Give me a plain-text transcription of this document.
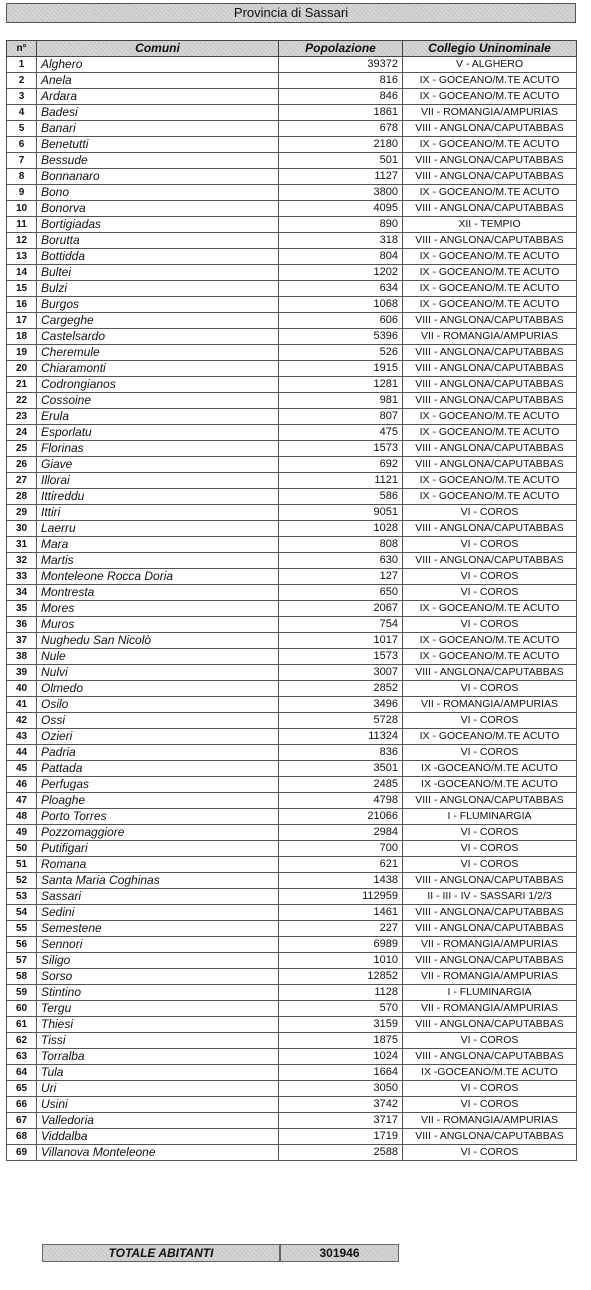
Provincia di Sassari
n°	Comuni	Popolazione	Collegio Uninominale
1	Alghero	39372	V - ALGHERO
2	Anela	816	IX - GOCEANO/M.TE ACUTO
3	Ardara	846	IX - GOCEANO/M.TE ACUTO
4	Badesi	1861	VII - ROMANGIA/AMPURIAS
5	Banari	678	VIII - ANGLONA/CAPUTABBAS
6	Benetutti	2180	IX - GOCEANO/M.TE ACUTO
7	Bessude	501	VIII - ANGLONA/CAPUTABBAS
8	Bonnanaro	1127	VIII - ANGLONA/CAPUTABBAS
9	Bono	3800	IX - GOCEANO/M.TE ACUTO
10	Bonorva	4095	VIII - ANGLONA/CAPUTABBAS
11	Bortigiadas	890	XII - TEMPIO
12	Borutta	318	VIII - ANGLONA/CAPUTABBAS
13	Bottidda	804	IX - GOCEANO/M.TE ACUTO
14	Bultei	1202	IX - GOCEANO/M.TE ACUTO
15	Bulzi	634	IX - GOCEANO/M.TE ACUTO
16	Burgos	1068	IX - GOCEANO/M.TE ACUTO
17	Cargeghe	606	VIII - ANGLONA/CAPUTABBAS
18	Castelsardo	5396	VII - ROMANGIA/AMPURIAS
19	Cheremule	526	VIII - ANGLONA/CAPUTABBAS
20	Chiaramonti	1915	VIII - ANGLONA/CAPUTABBAS
21	Codrongianos	1281	VIII - ANGLONA/CAPUTABBAS
22	Cossoine	981	VIII - ANGLONA/CAPUTABBAS
23	Erula	807	IX - GOCEANO/M.TE ACUTO
24	Esporlatu	475	IX - GOCEANO/M.TE ACUTO
25	Florinas	1573	VIII - ANGLONA/CAPUTABBAS
26	Giave	692	VIII - ANGLONA/CAPUTABBAS
27	Illorai	1121	IX - GOCEANO/M.TE ACUTO
28	Ittireddu	586	IX - GOCEANO/M.TE ACUTO
29	Ittiri	9051	VI - COROS
30	Laerru	1028	VIII - ANGLONA/CAPUTABBAS
31	Mara	808	VI - COROS
32	Martis	630	VIII - ANGLONA/CAPUTABBAS
33	Monteleone Rocca Doria	127	VI - COROS
34	Montresta	650	VI - COROS
35	Mores	2067	IX - GOCEANO/M.TE ACUTO
36	Muros	754	VI - COROS
37	Nughedu San Nicolò	1017	IX - GOCEANO/M.TE ACUTO
38	Nule	1573	IX - GOCEANO/M.TE ACUTO
39	Nulvi	3007	VIII - ANGLONA/CAPUTABBAS
40	Olmedo	2852	VI - COROS
41	Osilo	3496	VII - ROMANGIA/AMPURIAS
42	Ossi	5728	VI - COROS
43	Ozieri	11324	IX - GOCEANO/M.TE ACUTO
44	Padria	836	VI - COROS
45	Pattada	3501	IX -GOCEANO/M.TE ACUTO
46	Perfugas	2485	IX -GOCEANO/M.TE ACUTO
47	Ploaghe	4798	VIII - ANGLONA/CAPUTABBAS
48	Porto Torres	21066	I - FLUMINARGIA
49	Pozzomaggiore	2984	VI - COROS
50	Putifigari	700	VI - COROS
51	Romana	621	VI - COROS
52	Santa Maria Coghinas	1438	VIII - ANGLONA/CAPUTABBAS
53	Sassari	112959	II - III - IV - SASSARI 1/2/3
54	Sedini	1461	VIII - ANGLONA/CAPUTABBAS
55	Semestene	227	VIII - ANGLONA/CAPUTABBAS
56	Sennori	6989	VII - ROMANGIA/AMPURIAS
57	Siligo	1010	VIII - ANGLONA/CAPUTABBAS
58	Sorso	12852	VII - ROMANGIA/AMPURIAS
59	Stintino	1128	I - FLUMINARGIA
60	Tergu	570	VII - ROMANGIA/AMPURIAS
61	Thiesi	3159	VIII - ANGLONA/CAPUTABBAS
62	Tissi	1875	VI - COROS
63	Torralba	1024	VIII - ANGLONA/CAPUTABBAS
64	Tula	1664	IX -GOCEANO/M.TE ACUTO
65	Uri	3050	VI - COROS
66	Usini	3742	VI - COROS
67	Valledoria	3717	VII - ROMANGIA/AMPURIAS
68	Viddalba	1719	VIII - ANGLONA/CAPUTABBAS
69	Villanova Monteleone	2588	VI - COROS
TOTALE ABITANTI	301946
